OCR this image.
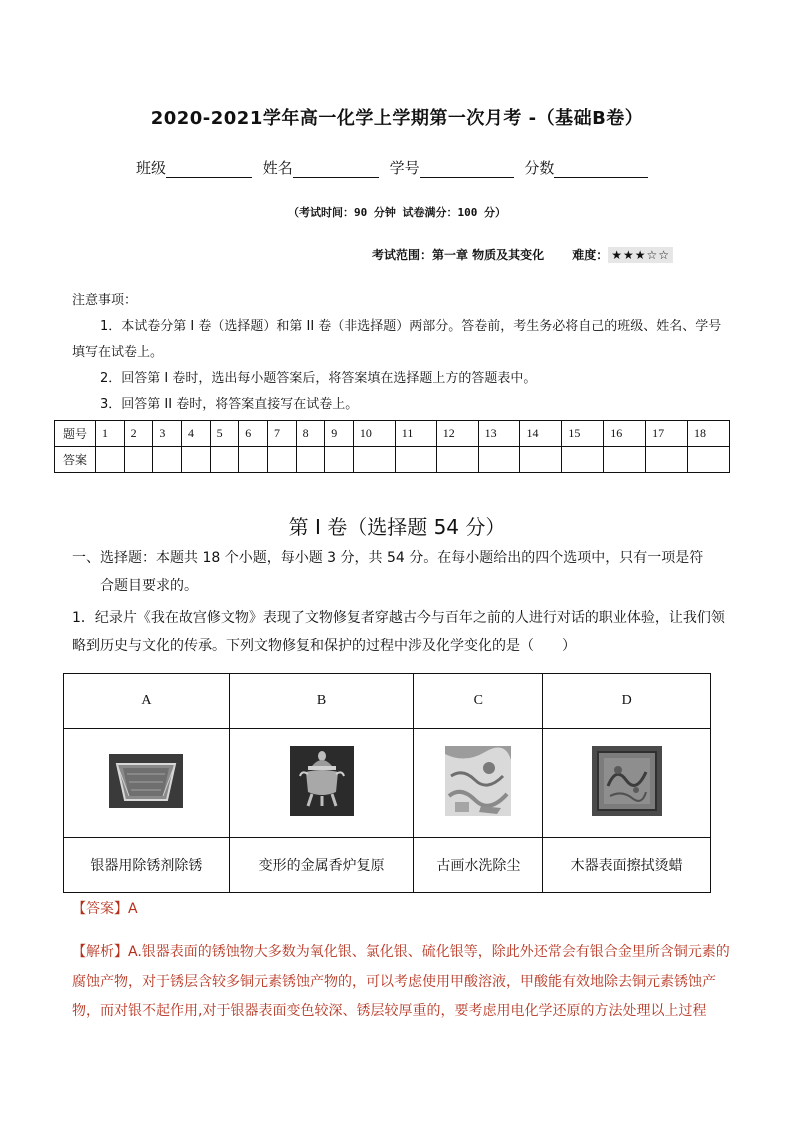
2020-2021学年高一化学上学期第一次月考 -（基础B卷）
班级	姓名	学号	分数
（考试时间：90 分钟 试卷满分：100 分）
考试范围：第一章 物质及其变化 难度： ★★★☆☆

注意事项：

1．本试卷分第 I 卷（选择题）和第 II 卷（非选择题）两部分。答卷前，考生务必将自己的班级、姓名、学号填写在试卷上。

2．回答第 I 卷时，选出每小题答案后，将答案填在选择题上方的答题表中。

3．回答第 II 卷时，将答案直接写在试卷上。

题号	1	2	3	4	5	6	7	8	9	10	11	12	13	14	15	16	17	18
答案																		
第 I 卷（选择题 54 分）
一、选择题：本题共 18 个小题，每小题 3 分，共 54 分。在每小题给出的四个选项中，只有一项是符
合题目要求的。
1．纪录片《我在故宫修文物》表现了文物修复者穿越古今与百年之前的人进行对话的职业体验，让我们领略到历史与文化的传承。下列文物修复和保护的过程中涉及化学变化的是（　　）
A	B	C	D

银器用除锈剂除锈	变形的金属香炉复原	古画水洗除尘	木器表面擦拭烫蜡
【答案】A
【解析】A.银器表面的锈蚀物大多数为氧化银、氯化银、硫化银等，除此外还常会有银合金里所含铜元素的腐蚀产物，对于锈层含较多铜元素锈蚀产物的，可以考虑使用甲酸溶液，甲酸能有效地除去铜元素锈蚀产物，而对银不起作用,对于银器表面变色较深、锈层较厚重的，要考虑用电化学还原的方法处理以上过程
